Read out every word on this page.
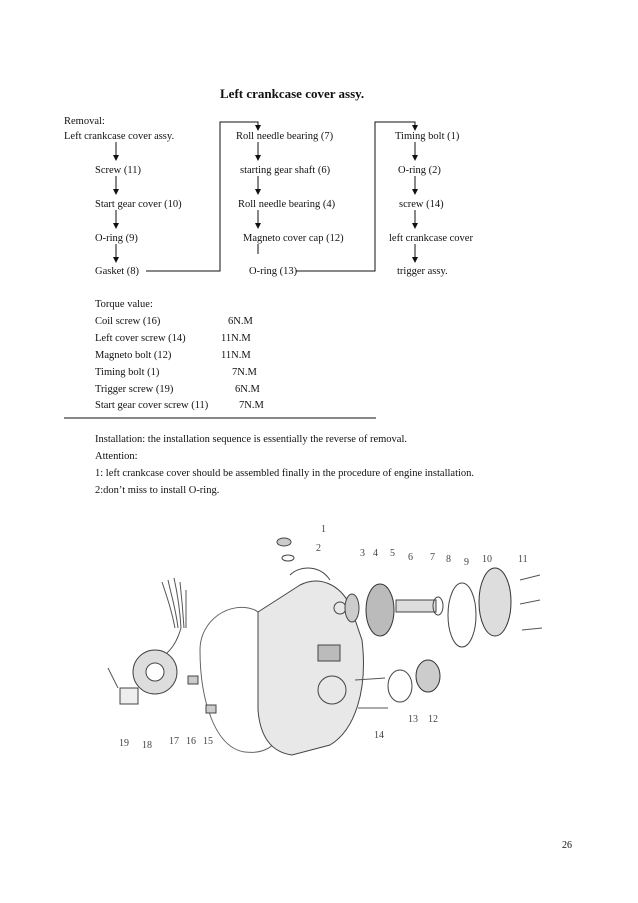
Left crankcase cover assy.
Removal:
Left crankcase cover assy.
Screw (11)
Start gear cover (10)
O-ring (9)
Gasket (8)
Roll needle bearing (7)
starting gear shaft (6)
Roll needle bearing (4)
Magneto cover cap (12)
O-ring (13)
Timing bolt (1)
O-ring (2)
screw (14)
left crankcase cover
trigger assy.
Torque value:
Coil screw (16)	6N.M
Left cover screw (14)	11N.M
Magneto bolt (12)	11N.M
Timing bolt (1)	7N.M
Trigger screw (19)	6N.M
Start gear cover screw (11)	7N.M
Installation: the installation sequence is essentially the reverse of removal.
Attention:
1: left crankcase cover should be assembled finally in the procedure of engine installation.
2:don’t miss to install O-ring.
1
2	3 4 5 6 7 8 9 10	11
12
13
14
15
16
17
18
19
26
